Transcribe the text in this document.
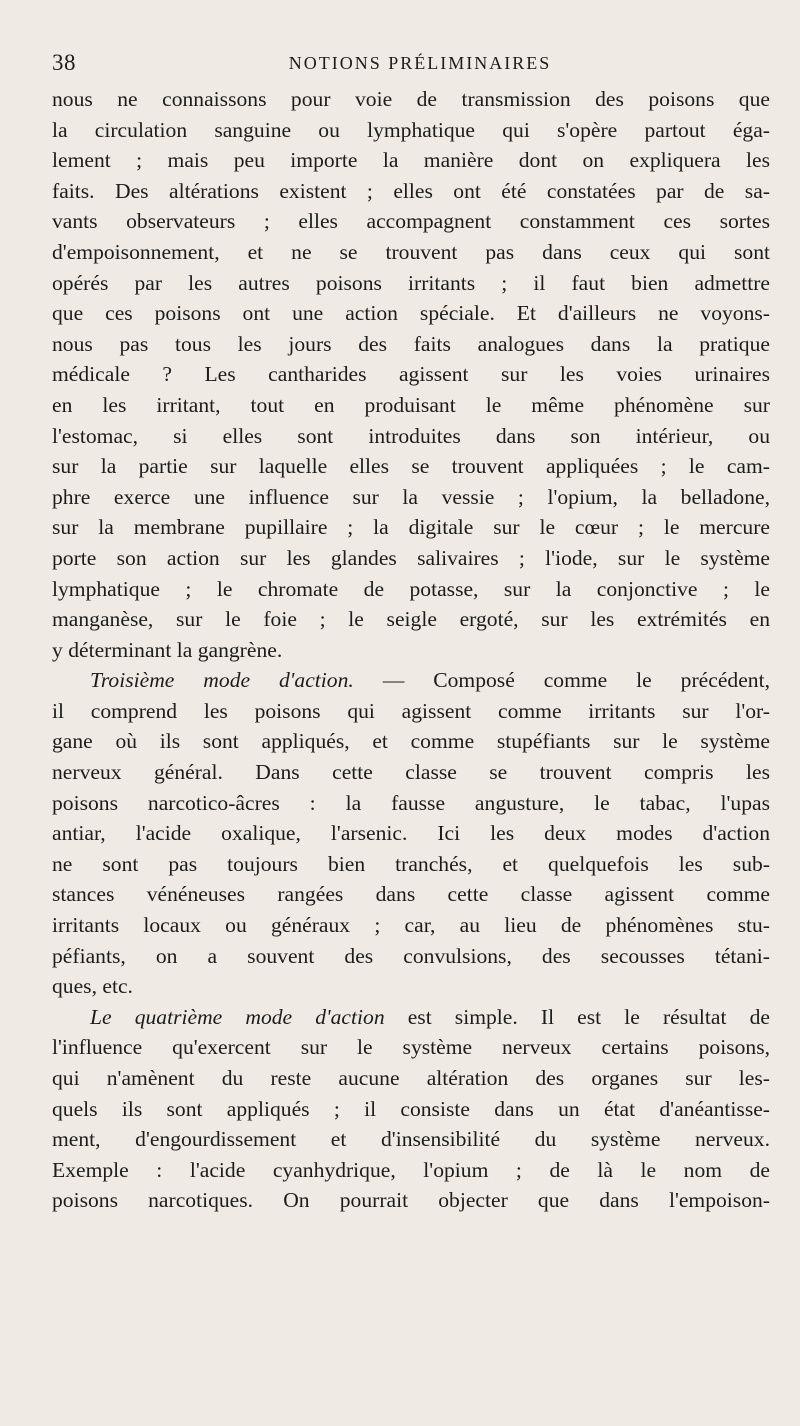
38	NOTIONS PRÉLIMINAIRES
nous ne connaissons pour voie de transmission des poisons que
la circulation sanguine ou lymphatique qui s'opère partout éga-
lement ; mais peu importe la manière dont on expliquera les
faits. Des altérations existent ; elles ont été constatées par de sa-
vants observateurs ; elles accompagnent constamment ces sortes
d'empoisonnement, et ne se trouvent pas dans ceux qui sont
opérés par les autres poisons irritants ; il faut bien admettre
que ces poisons ont une action spéciale. Et d'ailleurs ne voyons-
nous pas tous les jours des faits analogues dans la pratique
médicale ? Les cantharides agissent sur les voies urinaires
en les irritant, tout en produisant le même phénomène sur
l'estomac, si elles sont introduites dans son intérieur, ou
sur la partie sur laquelle elles se trouvent appliquées ; le cam-
phre exerce une influence sur la vessie ; l'opium, la belladone,
sur la membrane pupillaire ; la digitale sur le cœur ; le mercure
porte son action sur les glandes salivaires ; l'iode, sur le système
lymphatique ; le chromate de potasse, sur la conjonctive ; le
manganèse, sur le foie ; le seigle ergoté, sur les extrémités en
y déterminant la gangrène.
Troisième mode d'action. — Composé comme le précédent,
il comprend les poisons qui agissent comme irritants sur l'or-
gane où ils sont appliqués, et comme stupéfiants sur le système
nerveux général. Dans cette classe se trouvent compris les
poisons narcotico-âcres : la fausse angusture, le tabac, l'upas
antiar, l'acide oxalique, l'arsenic. Ici les deux modes d'action
ne sont pas toujours bien tranchés, et quelquefois les sub-
stances vénéneuses rangées dans cette classe agissent comme
irritants locaux ou généraux ; car, au lieu de phénomènes stu-
péfiants, on a souvent des convulsions, des secousses tétani-
ques, etc.
Le quatrième mode d'action est simple. Il est le résultat de
l'influence qu'exercent sur le système nerveux certains poisons,
qui n'amènent du reste aucune altération des organes sur les-
quels ils sont appliqués ; il consiste dans un état d'anéantisse-
ment, d'engourdissement et d'insensibilité du système nerveux.
Exemple : l'acide cyanhydrique, l'opium ; de là le nom de
poisons narcotiques. On pourrait objecter que dans l'empoison-
